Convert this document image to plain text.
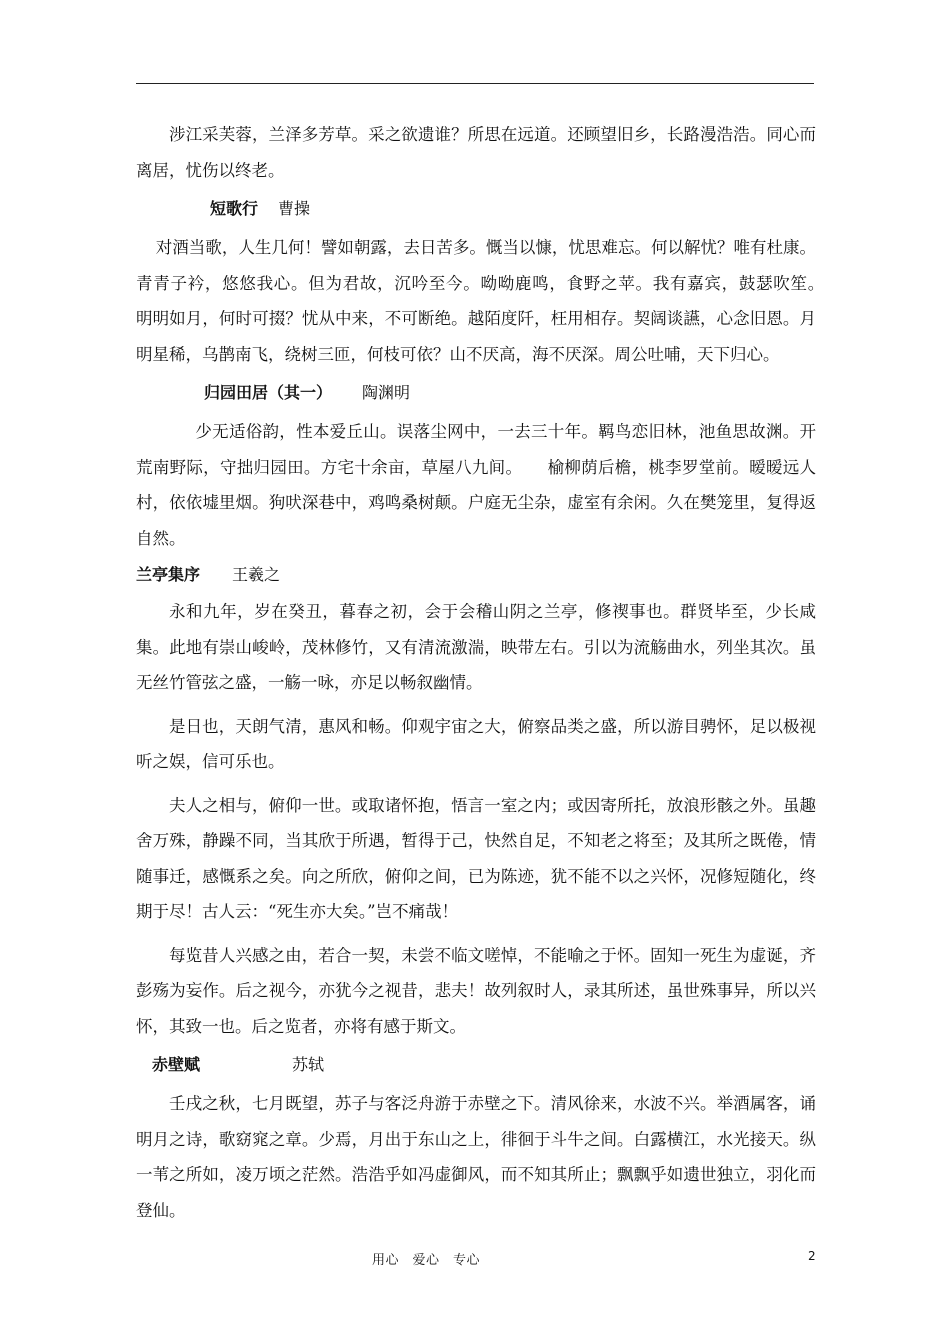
涉江采芙蓉，兰泽多芳草。采之欲遗谁？所思在远道。还顾望旧乡，长路漫浩浩。同心而离居，忧伤以终老。

短歌行 曹操

对酒当歌，人生几何！譬如朝露，去日苦多。慨当以慷，忧思难忘。何以解忧？唯有杜康。青青子衿，悠悠我心。但为君故，沉吟至今。呦呦鹿鸣，食野之苹。我有嘉宾，鼓瑟吹笙。　　明明如月，何时可掇？忧从中来，不可断绝。越陌度阡，枉用相存。契阔谈讌，心念旧恩。月明星稀，乌鹊南飞，绕树三匝，何枝可依？山不厌高，海不厌深。周公吐哺，天下归心。

归园田居（其一） 陶渊明

少无适俗韵，性本爱丘山。误落尘网中，一去三十年。羁鸟恋旧林，池鱼思故渊。开荒南野际，守拙归园田。方宅十余亩，草屋八九间。　　榆柳荫后檐，桃李罗堂前。暧暧远人村，依依墟里烟。狗吠深巷中，鸡鸣桑树颠。户庭无尘杂，虚室有余闲。久在樊笼里，复得返自然。

兰亭集序 王羲之

永和九年，岁在癸丑，暮春之初，会于会稽山阴之兰亭，修禊事也。群贤毕至，少长咸集。此地有崇山峻岭，茂林修竹，又有清流激湍，映带左右。引以为流觞曲水，列坐其次。虽无丝竹管弦之盛，一觞一咏，亦足以畅叙幽情。

是日也，天朗气清，惠风和畅。仰观宇宙之大，俯察品类之盛，所以游目骋怀，足以极视听之娱，信可乐也。

夫人之相与，俯仰一世。或取诸怀抱，悟言一室之内；或因寄所托，放浪形骸之外。虽趣舍万殊，静躁不同，当其欣于所遇，暂得于己，快然自足，不知老之将至；及其所之既倦，情随事迁，感慨系之矣。向之所欣，俯仰之间，已为陈迹，犹不能不以之兴怀，况修短随化，终期于尽！古人云：“死生亦大矣。”岂不痛哉！

每览昔人兴感之由，若合一契，未尝不临文嗟悼，不能喻之于怀。固知一死生为虚诞，齐彭殇为妄作。后之视今，亦犹今之视昔，悲夫！故列叙时人，录其所述，虽世殊事异，所以兴怀，其致一也。后之览者，亦将有感于斯文。

赤壁赋	苏轼

壬戌之秋，七月既望，苏子与客泛舟游于赤壁之下。清风徐来，水波不兴。举酒属客，诵明月之诗，歌窈窕之章。少焉，月出于东山之上，徘徊于斗牛之间。白露横江，水光接天。纵一苇之所如，凌万顷之茫然。浩浩乎如冯虚御风，而不知其所止；飘飘乎如遗世独立，羽化而登仙。

用心　爱心　专心	2
